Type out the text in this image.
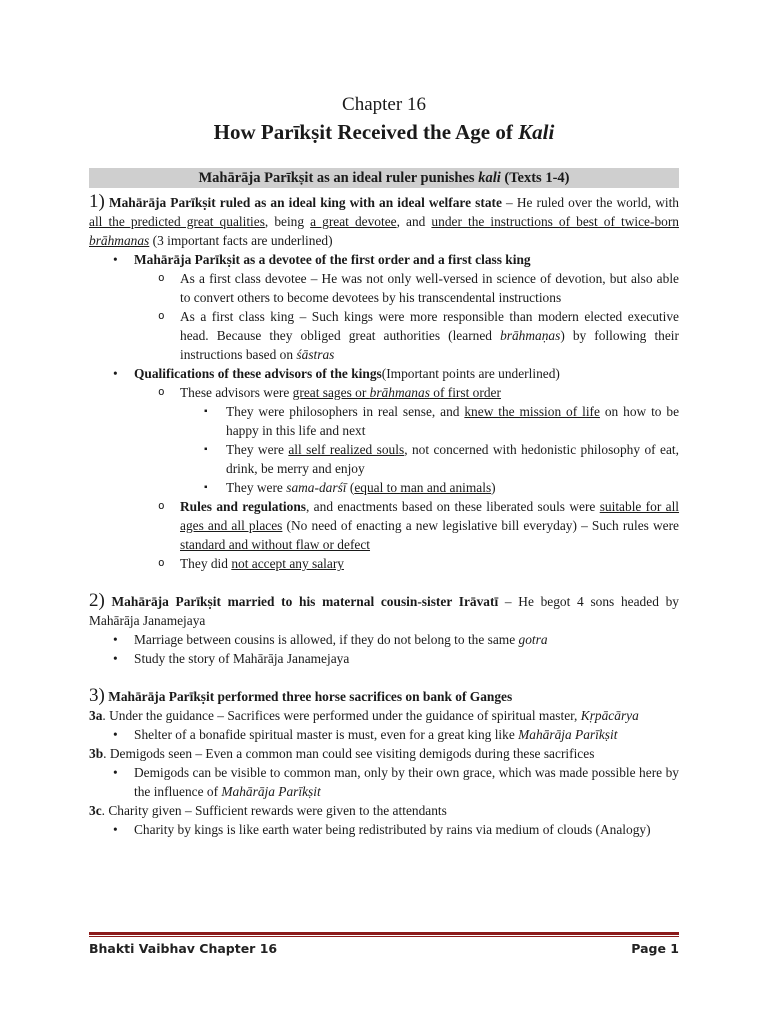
Chapter 16

How Parīkṣit Received the Age of Kali

Mahārāja Parīkṣit as an ideal ruler punishes kali (Texts 1-4)

1) Mahārāja Parīkṣit ruled as an ideal king with an ideal welfare state – He ruled over the world, with all the predicted great qualities, being a great devotee, and under the instructions of best of twice-born brāhmanas (3 important facts are underlined)

• Mahārāja Parīkṣit as a devotee of the first order and a first class king
o As a first class devotee – He was not only well-versed in science of devotion, but also able to convert others to become devotees by his transcendental instructions
o As a first class king – Such kings were more responsible than modern elected executive head. Because they obliged great authorities (learned brāhmaṇas) by following their instructions based on śāstras
• Qualifications of these advisors of the kings(Important points are underlined)
o These advisors were great sages or brāhmanas of first order
▪ They were philosophers in real sense, and knew the mission of life on how to be happy in this life and next
▪ They were all self realized souls, not concerned with hedonistic philosophy of eat, drink, be merry and enjoy
▪ They were sama-darśī (equal to man and animals)
o Rules and regulations, and enactments based on these liberated souls were suitable for all ages and all places (No need of enacting a new legislative bill everyday) – Such rules were standard and without flaw or defect
o They did not accept any salary

2) Mahārāja Parīkṣit married to his maternal cousin-sister Irāvatī – He begot 4 sons headed by Mahārāja Janamejaya

• Marriage between cousins is allowed, if they do not belong to the same gotra
• Study the story of Mahārāja Janamejaya

3) Mahārāja Parīkṣit performed three horse sacrifices on bank of Ganges

3a. Under the guidance – Sacrifices were performed under the guidance of spiritual master, Kṛpācārya

• Shelter of a bonafide spiritual master is must, even for a great king like Mahārāja Parīkṣit

3b. Demigods seen – Even a common man could see visiting demigods during these sacrifices

• Demigods can be visible to common man, only by their own grace, which was made possible here by the influence of Mahārāja Parīkṣit

3c. Charity given – Sufficient rewards were given to the attendants

• Charity by kings is like earth water being redistributed by rains via medium of clouds (Analogy)
Bhakti Vaibhav Chapter 16	Page 1
